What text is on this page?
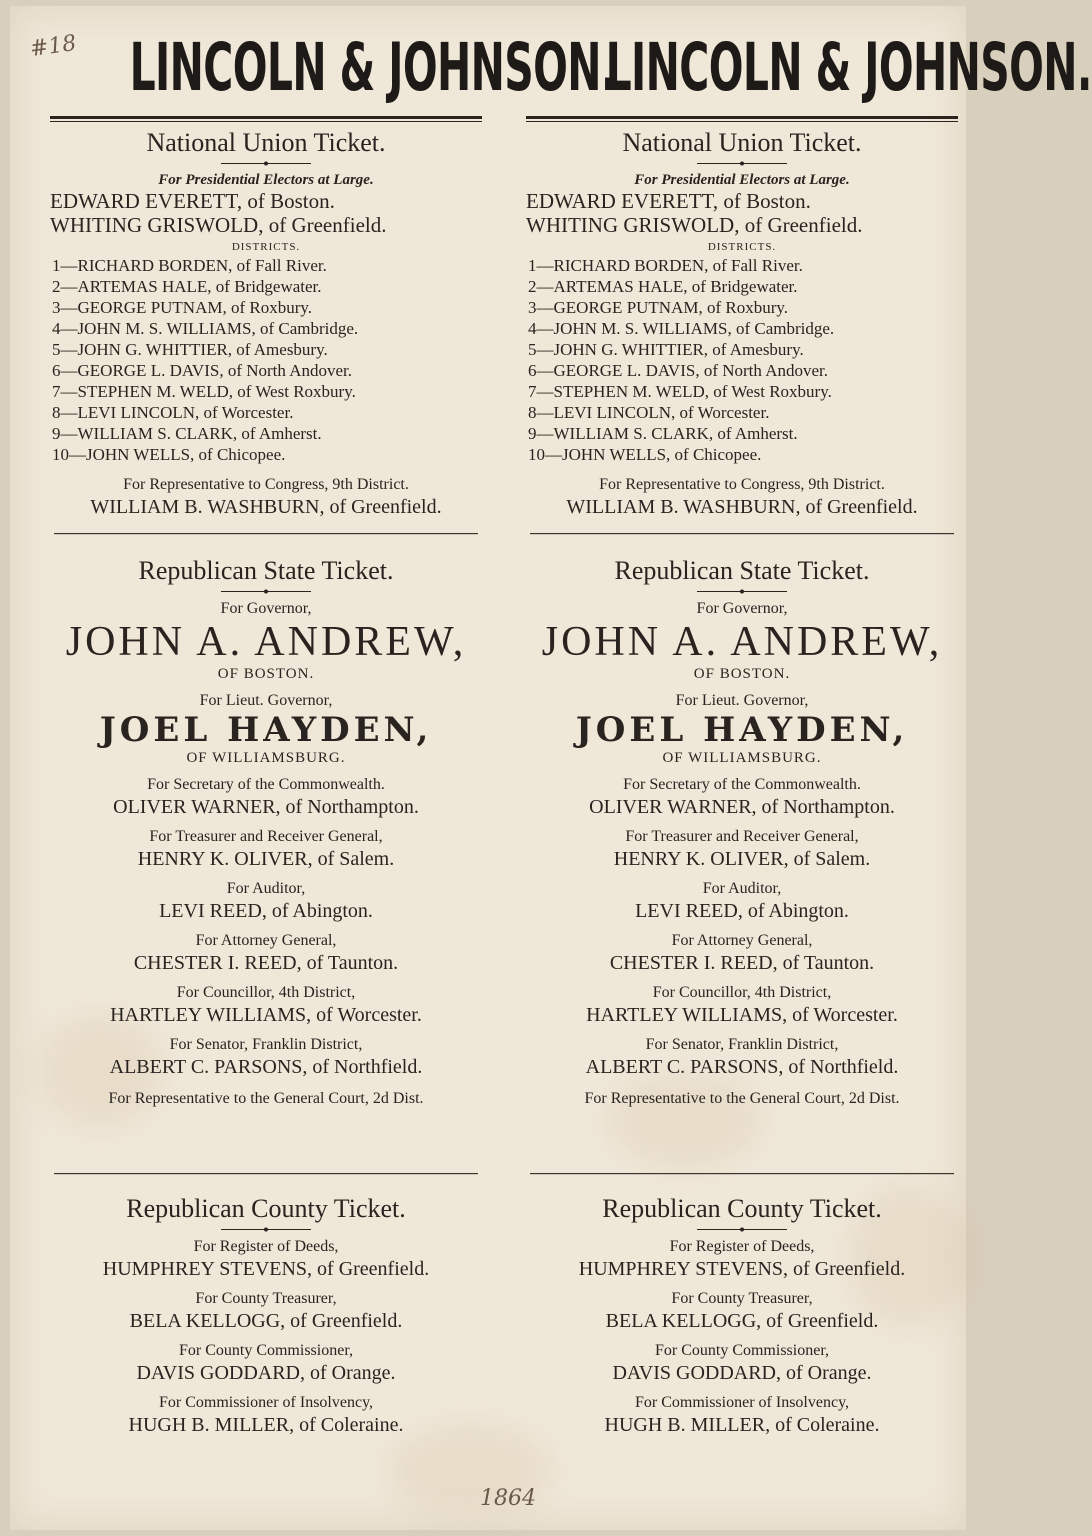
#18
1864
LINCOLN & JOHNSON.
National Union Ticket.
For Presidential Electors at Large.
EDWARD EVERETT, of Boston.
WHITING GRISWOLD, of Greenfield.
DISTRICTS.
1—RICHARD BORDEN, of Fall River.
2—ARTEMAS HALE, of Bridgewater.
3—GEORGE PUTNAM, of Roxbury.
4—JOHN M. S. WILLIAMS, of Cambridge.
5—JOHN G. WHITTIER, of Amesbury.
6—GEORGE L. DAVIS, of North Andover.
7—STEPHEN M. WELD, of West Roxbury.
8—LEVI LINCOLN, of Worcester.
9—WILLIAM S. CLARK, of Amherst.
10—JOHN WELLS, of Chicopee.
For Representative to Congress, 9th District.
WILLIAM B. WASHBURN, of Greenfield.
Republican State Ticket.
For Governor,
JOHN A. ANDREW,
OF BOSTON.
For Lieut. Governor,
JOEL HAYDEN,
OF WILLIAMSBURG.
For Secretary of the Commonwealth.
OLIVER WARNER, of Northampton.
For Treasurer and Receiver General,
HENRY K. OLIVER, of Salem.
For Auditor,
LEVI REED, of Abington.
For Attorney General,
CHESTER I. REED, of Taunton.
For Councillor, 4th District,
HARTLEY WILLIAMS, of Worcester.
For Senator, Franklin District,
ALBERT C. PARSONS, of Northfield.
For Representative to the General Court, 2d Dist.
Republican County Ticket.
For Register of Deeds,
HUMPHREY STEVENS, of Greenfield.
For County Treasurer,
BELA KELLOGG, of Greenfield.
For County Commissioner,
DAVIS GODDARD, of Orange.
For Commissioner of Insolvency,
HUGH B. MILLER, of Coleraine.
LINCOLN & JOHNSON.
National Union Ticket.
For Presidential Electors at Large.
EDWARD EVERETT, of Boston.
WHITING GRISWOLD, of Greenfield.
DISTRICTS.
1—RICHARD BORDEN, of Fall River.
2—ARTEMAS HALE, of Bridgewater.
3—GEORGE PUTNAM, of Roxbury.
4—JOHN M. S. WILLIAMS, of Cambridge.
5—JOHN G. WHITTIER, of Amesbury.
6—GEORGE L. DAVIS, of North Andover.
7—STEPHEN M. WELD, of West Roxbury.
8—LEVI LINCOLN, of Worcester.
9—WILLIAM S. CLARK, of Amherst.
10—JOHN WELLS, of Chicopee.
For Representative to Congress, 9th District.
WILLIAM B. WASHBURN, of Greenfield.
Republican State Ticket.
For Governor,
JOHN A. ANDREW,
OF BOSTON.
For Lieut. Governor,
JOEL HAYDEN,
OF WILLIAMSBURG.
For Secretary of the Commonwealth.
OLIVER WARNER, of Northampton.
For Treasurer and Receiver General,
HENRY K. OLIVER, of Salem.
For Auditor,
LEVI REED, of Abington.
For Attorney General,
CHESTER I. REED, of Taunton.
For Councillor, 4th District,
HARTLEY WILLIAMS, of Worcester.
For Senator, Franklin District,
ALBERT C. PARSONS, of Northfield.
For Representative to the General Court, 2d Dist.
Republican County Ticket.
For Register of Deeds,
HUMPHREY STEVENS, of Greenfield.
For County Treasurer,
BELA KELLOGG, of Greenfield.
For County Commissioner,
DAVIS GODDARD, of Orange.
For Commissioner of Insolvency,
HUGH B. MILLER, of Coleraine.
